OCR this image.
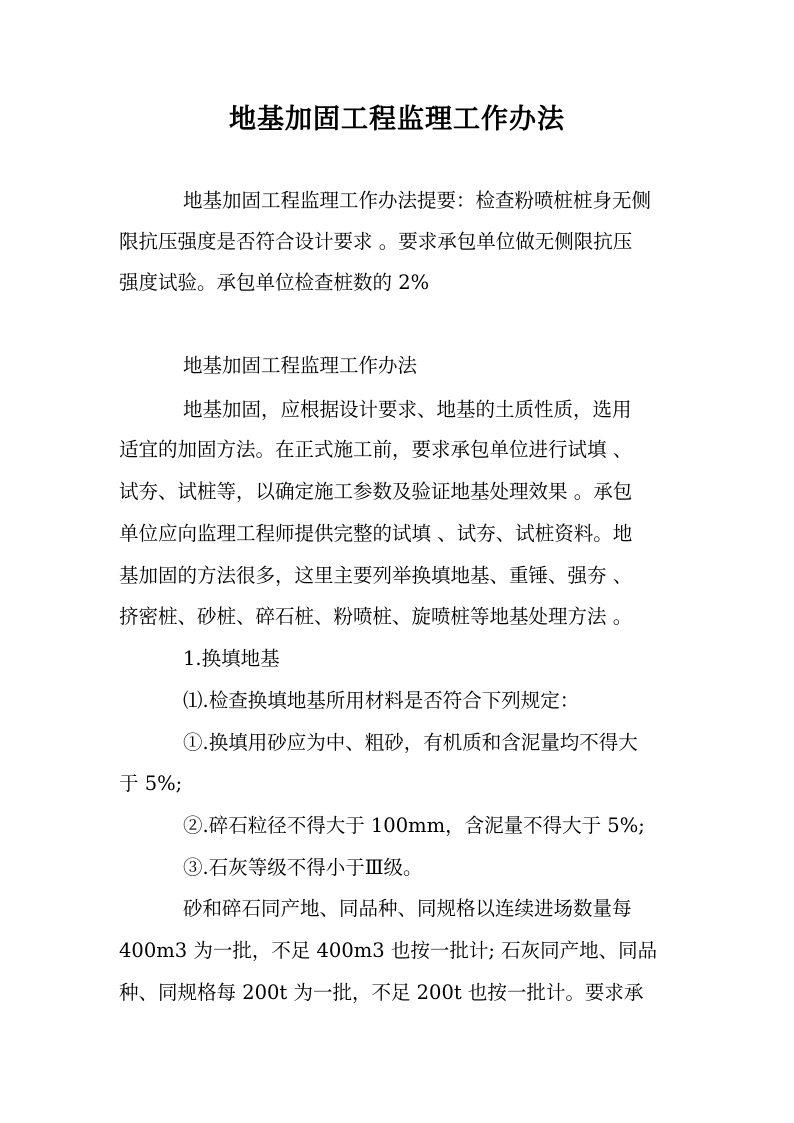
地基加固工程监理工作办法
地基加固工程监理工作办法提要：检查粉喷桩桩身无侧
限抗压强度是否符合设计要求 。要求承包单位做无侧限抗压
强度试验。承包单位检查桩数的 2%
地基加固工程监理工作办法
地基加固，应根据设计要求、地基的土质性质，选用
适宜的加固方法。在正式施工前，要求承包单位进行试填 、
试夯、试桩等，以确定施工参数及验证地基处理效果 。承包
单位应向监理工程师提供完整的试填 、试夯、试桩资料。地
基加固的方法很多，这里主要列举换填地基、重锤、强夯 、
挤密桩、砂桩、碎石桩、粉喷桩、旋喷桩等地基处理方法 。
1.换填地基
⑴.检查换填地基所用材料是否符合下列规定：
①.换填用砂应为中、粗砂，有机质和含泥量均不得大
于 5%;
②.碎石粒径不得大于 100mm，含泥量不得大于 5%;
③.石灰等级不得小于Ⅲ级。
砂和碎石同产地、同品种、同规格以连续进场数量每
400m3 为一批，不足 400m3 也按一批计; 石灰同产地、同品
种、同规格每 200t 为一批，不足 200t 也按一批计。要求承
